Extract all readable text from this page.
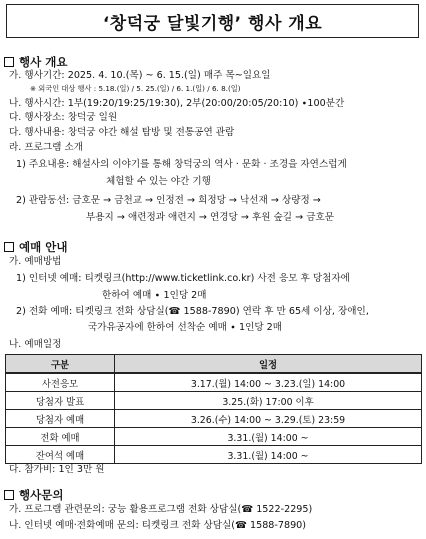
‘창덕궁 달빛기행’ 행사 개요
행사 개요
가. 행사기간: 2025. 4. 10.(목) ~ 6. 15.(일) 매주 목~일요일
※ 외국인 대상 행사 : 5.18.(일) / 5. 25.(일) / 6. 1.(일) / 6. 8.(일)
나. 행사시간: 1부(19:20/19:25/19:30), 2부(20:00/20:05/20:10) ∙100분간
다. 행사장소: 창덕궁 일원
다. 행사내용: 창덕궁 야간 해설 탐방 및 전통공연 관람
라. 프로그램 소개
1) 주요내용: 해설사의 이야기를 통해 창덕궁의 역사 · 문화 · 조경을 자연스럽게
체험할 수 있는 야간 기행
2) 관람동선: 금호문 → 금천교 → 인정전 → 희정당 → 낙선재 → 상량정 →
부용지 → 애련정과 애련지 → 연경당 → 후원 숲길 → 금호문
예매 안내
가. 예매방법
1) 인터넷 예매: 티켓링크(http://www.ticketlink.co.kr) 사전 응모 후 당첨자에
한하여 예매 ∙ 1인당 2매
2) 전화 예매: 티켓링크 전화 상담실(☎ 1588-7890) 연락 후 만 65세 이상, 장애인,
국가유공자에 한하여 선착순 예매 ∙ 1인당 2매
나. 예매일정
구분	일정
사전응모	3.17.(월) 14:00 ~ 3.23.(일) 14:00
당첨자 발표	3.25.(화) 17:00 이후
당첨자 예매	3.26.(수) 14:00 ~ 3.29.(토) 23:59
전화 예매	3.31.(월) 14:00 ~
잔여석 예매	3.31.(월) 14:00 ~
다. 참가비: 1인 3만 원
행사문의
가. 프로그램 관련문의: 궁능 활용프로그램 전화 상담실(☎ 1522-2295)
나. 인터넷 예매·전화예매 문의: 티켓링크 전화 상담실(☎ 1588-7890)
